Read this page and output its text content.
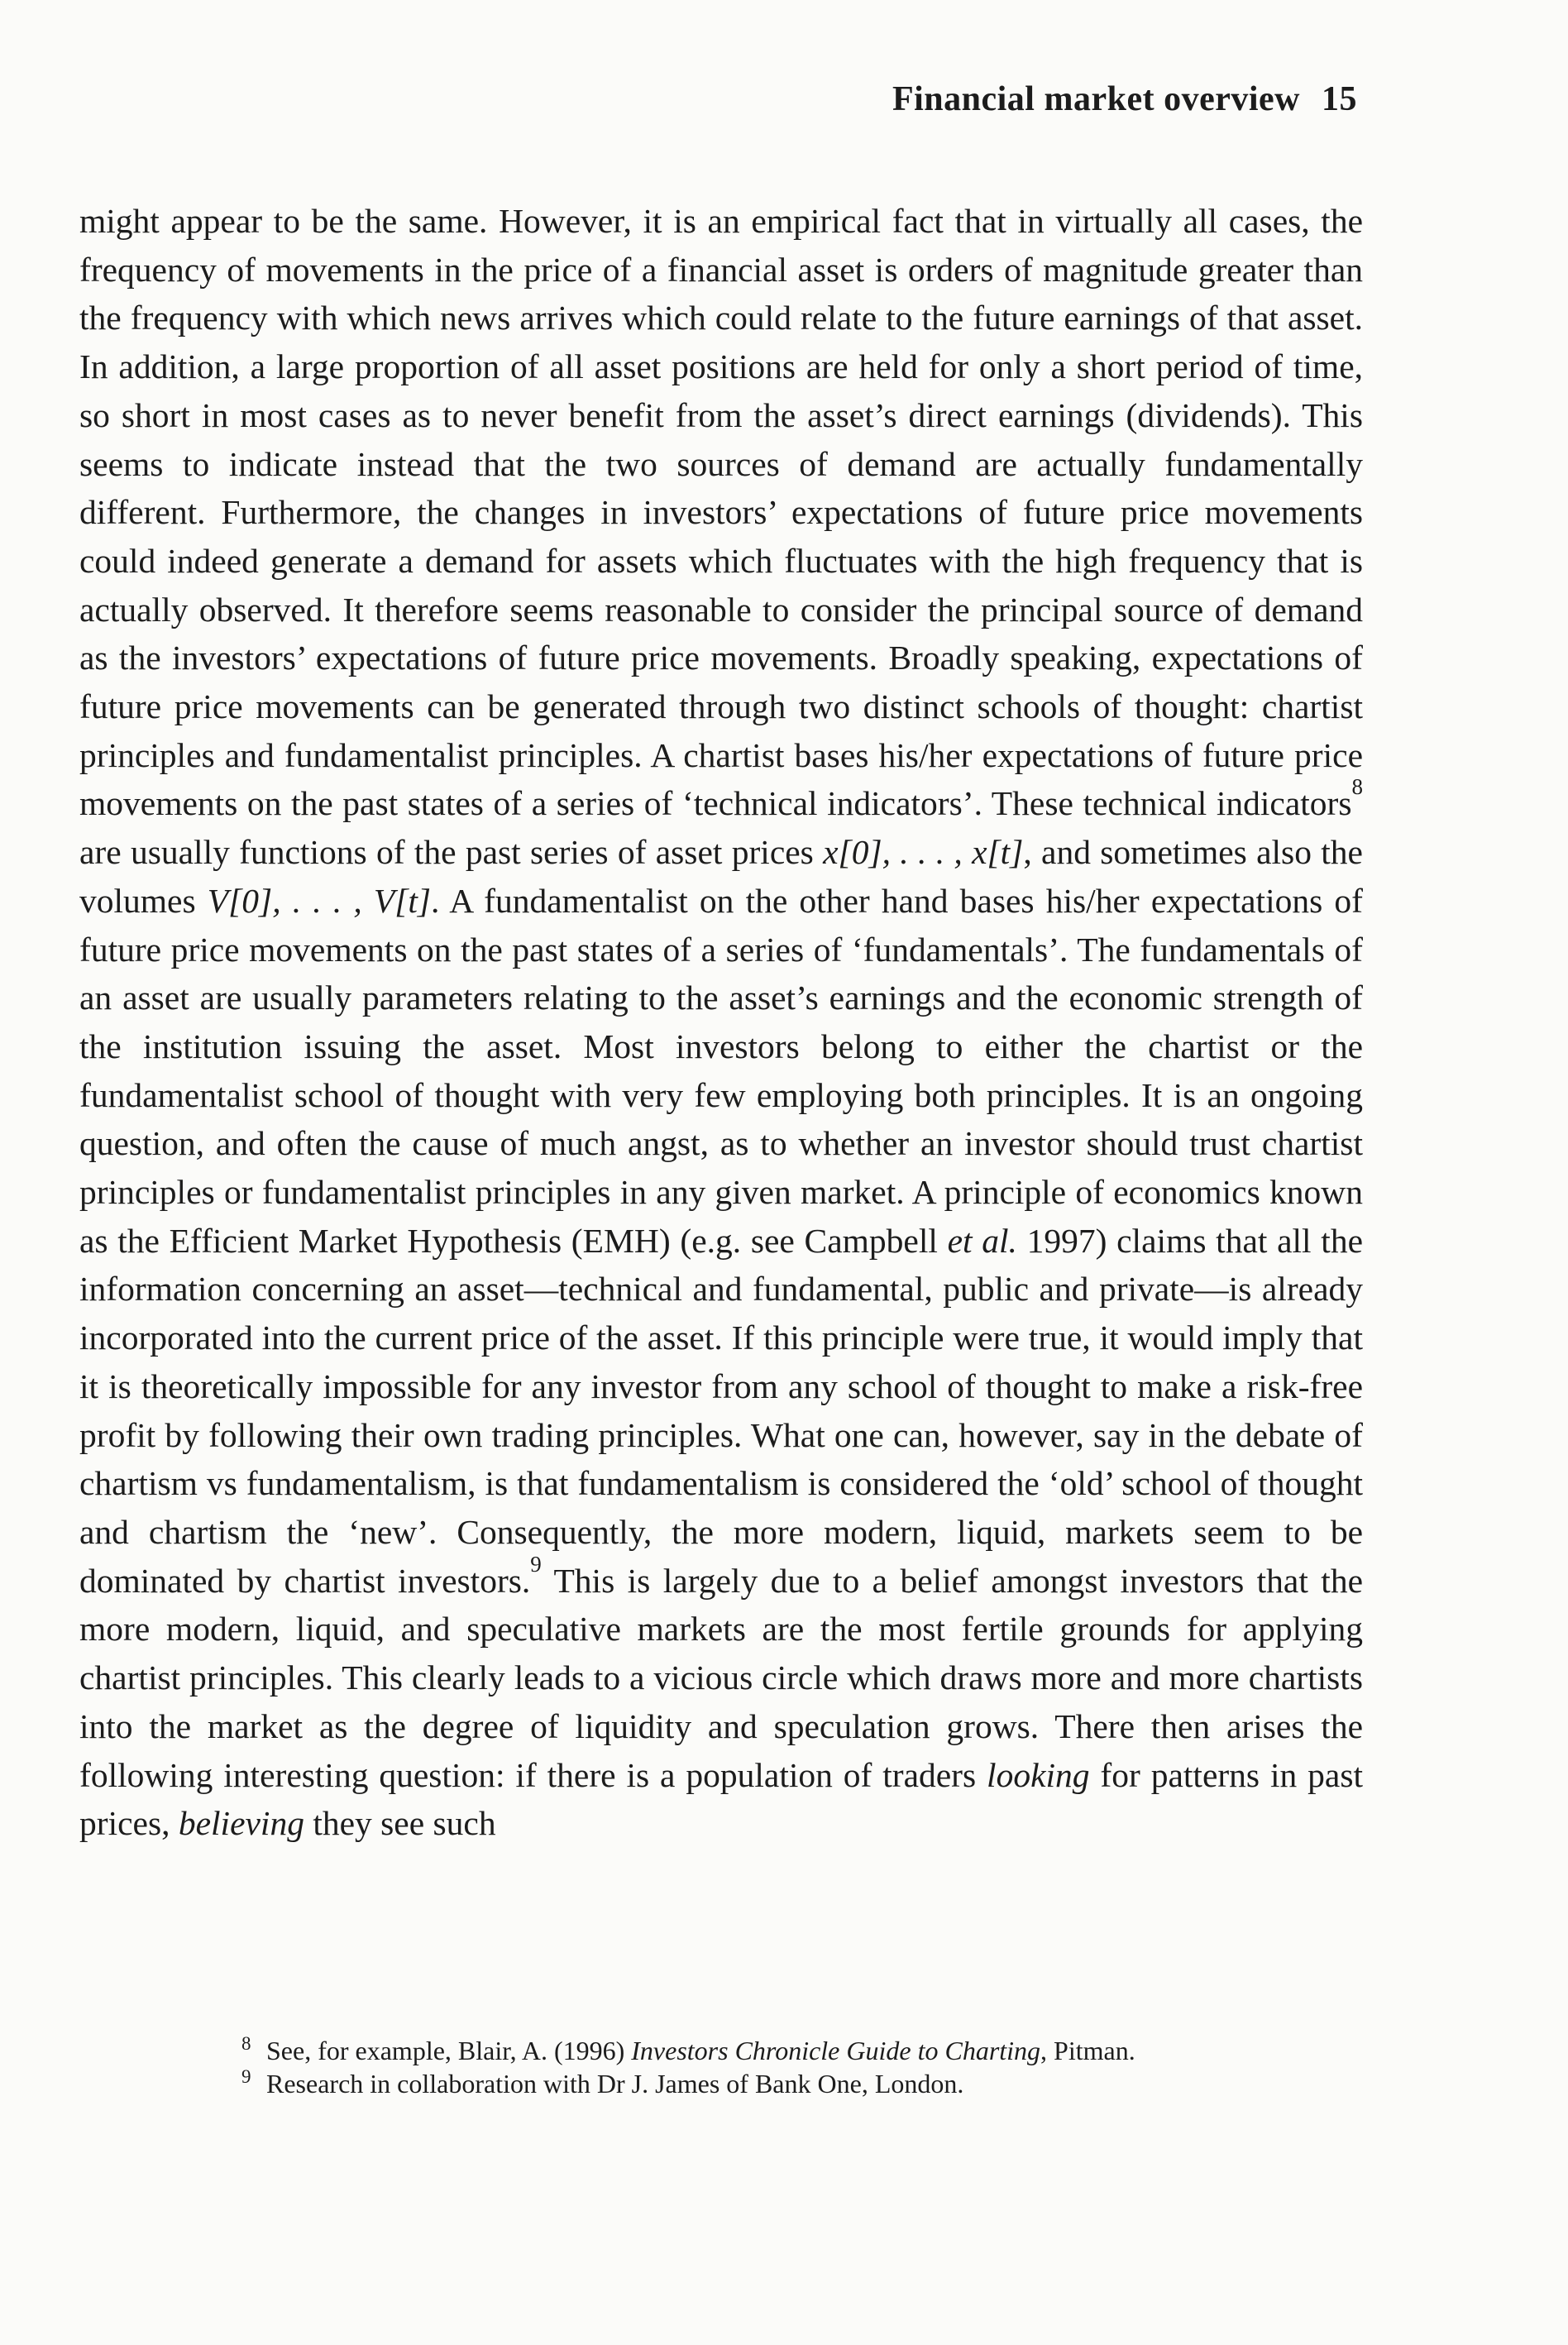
Financial market overview 15

might appear to be the same. However, it is an empirical fact that in virtually all cases, the frequency of movements in the price of a financial asset is orders of magnitude greater than the frequency with which news arrives which could relate to the future earnings of that asset. In addition, a large proportion of all asset positions are held for only a short period of time, so short in most cases as to never benefit from the asset’s direct earnings (dividends). This seems to indicate instead that the two sources of demand are actually fundamentally different. Furthermore, the changes in investors’ expectations of future price movements could indeed generate a demand for assets which fluctuates with the high frequency that is actually observed. It therefore seems reasonable to consider the principal source of demand as the investors’ expectations of future price movements. Broadly speaking, expectations of future price movements can be generated through two distinct schools of thought: chartist principles and fundamentalist principles. A chartist bases his/her expectations of future price movements on the past states of a series of ‘technical indicators’. These technical indicators$^8$ are usually functions of the past series of asset prices x[0], . . . , x[t], and sometimes also the volumes V[0], . . . , V[t]. A fundamentalist on the other hand bases his/her expectations of future price movements on the past states of a series of ‘fundamentals’. The fundamentals of an asset are usually parameters relating to the asset’s earnings and the economic strength of the institution issuing the asset. Most investors belong to either the chartist or the fundamentalist school of thought with very few employing both principles. It is an ongoing question, and often the cause of much angst, as to whether an investor should trust chartist principles or fundamentalist principles in any given market. A principle of economics known as the Efficient Market Hypothesis (EMH) (e.g. see Campbell et al. 1997) claims that all the information concerning an asset—technical and fundamental, public and private—is already incorporated into the current price of the asset. If this principle were true, it would imply that it is theoretically impossible for any investor from any school of thought to make a risk-free profit by following their own trading principles. What one can, however, say in the debate of chartism vs fundamentalism, is that fundamentalism is considered the ‘old’ school of thought and chartism the ‘new’. Consequently, the more modern, liquid, markets seem to be dominated by chartist investors.$^9$ This is largely due to a belief amongst investors that the more modern, liquid, and speculative markets are the most fertile grounds for applying chartist principles. This clearly leads to a vicious circle which draws more and more chartists into the market as the degree of liquidity and speculation grows. There then arises the following interesting question: if there is a population of traders looking for patterns in past prices, believing they see such

8 See, for example, Blair, A. (1996) Investors Chronicle Guide to Charting, Pitman.

9 Research in collaboration with Dr J. James of Bank One, London.
